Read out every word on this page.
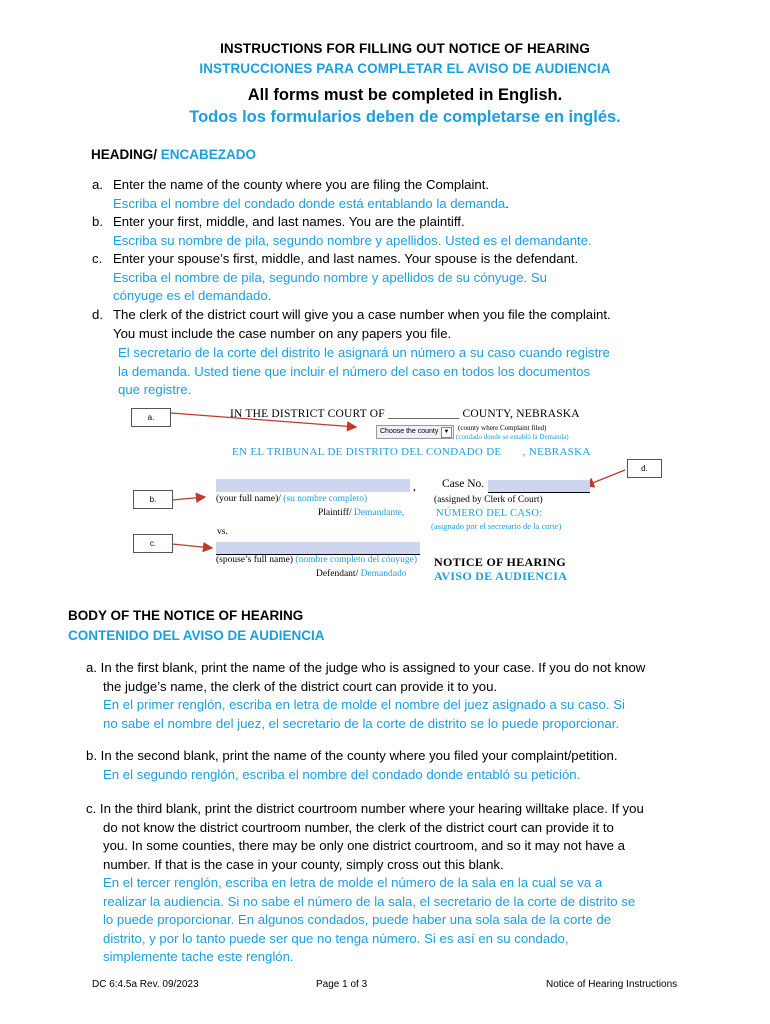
INSTRUCTIONS FOR FILLING OUT NOTICE OF HEARING
INSTRUCCIONES PARA COMPLETAR EL AVISO DE AUDIENCIA
All forms must be completed in English.
Todos los formularios deben de completarse en inglés.
HEADING/ ENCABEZADO
a. Enter the name of the county where you are filing the Complaint.
Escriba el nombre del condado donde está entablando la demanda.
b. Enter your first, middle, and last names. You are the plaintiff.
Escriba su nombre de pila, segundo nombre y apellidos. Usted es el demandante.
c. Enter your spouse’s first, middle, and last names. Your spouse is the defendant.
Escriba el nombre de pila, segundo nombre y apellidos de su cónyuge. Su
cónyuge es el demandado.
d. The clerk of the district court will give you a case number when you file the complaint.
You must include the case number on any papers you file.
El secretario de la corte del distrito le asignará un número a su caso cuando registre
la demanda. Usted tiene que incluir el número del caso en todos los documentos
que registre.
a.
b.
c.
d.
IN THE DISTRICT COURT OF ____________ COUNTY, NEBRASKA
Choose the county ▼	(county where Complaint filed)
(condado donde se entabló la Demanda)
EN EL TRIBUNAL DE DISTRITO DEL CONDADO DE       , NEBRASKA
, Case No.
(your full name)/ (su nombre completo)
Plaintiff/ Demandante,
(assigned by Clerk of Court)
NÚMERO DEL CASO:
(asignado por el secretario de la corte)
vs.
(spouse’s full name) (nombre completo del cónyuge)
Defendant/ Demandado
NOTICE OF HEARING
AVISO DE AUDIENCIA
BODY OF THE NOTICE OF HEARING
CONTENIDO DEL AVISO DE AUDIENCIA
a. In the first blank, print the name of the judge who is assigned to your case. If you do not know
the judge’s name, the clerk of the district court can provide it to you.
En el primer renglón, escriba en letra de molde el nombre del juez asignado a su caso. Si
no sabe el nombre del juez, el secretario de la corte de distrito se lo puede proporcionar.
b. In the second blank, print the name of the county where you filed your complaint/petition.
En el segundo renglón, escriba el nombre del condado donde entabló su petición.
c. In the third blank, print the district courtroom number where your hearing willtake place. If you
do not know the district courtroom number, the clerk of the district court can provide it to
you. In some counties, there may be only one district courtroom, and so it may not have a
number. If that is the case in your county, simply cross out this blank.
En el tercer renglón, escriba en letra de molde el número de la sala en la cual se va a
realizar la audiencia. Si no sabe el número de la sala, el secretario de la corte de distrito se
lo puede proporcionar. En algunos condados, puede haber una sola sala de la corte de
distrito, y por lo tanto puede ser que no tenga número. Si es así en su condado,
simplemente tache este renglón.
DC 6:4.5a Rev. 09/2023	Page 1 of 3	Notice of Hearing Instructions
